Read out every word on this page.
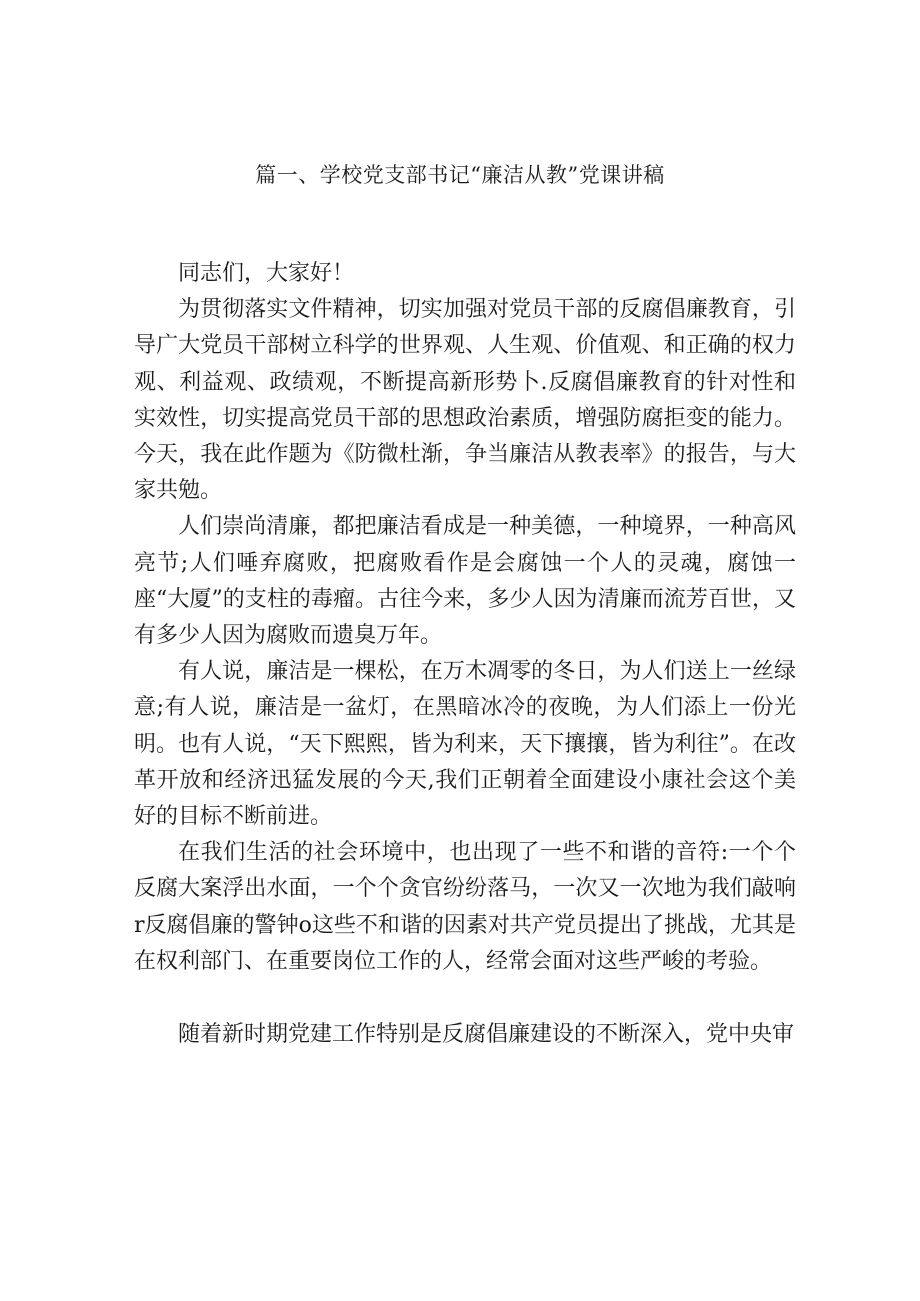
篇一、学校党支部书记“廉洁从教”党课讲稿

同志们，大家好！

为贯彻落实文件精神，切实加强对党员干部的反腐倡廉教育，引导广大党员干部树立科学的世界观、人生观、价值观、和正确的权力观、利益观、政绩观，不断提高新形势卜.反腐倡廉教育的针对性和实效性，切实提高党员干部的思想政治素质，增强防腐拒变的能力。今天，我在此作题为《防微杜渐，争当廉洁从教表率》的报告，与大家共勉。

人们崇尚清廉，都把廉洁看成是一种美德，一种境界，一种高风亮节;人们唾弃腐败，把腐败看作是会腐蚀一个人的灵魂，腐蚀一座“大厦”的支柱的毒瘤。古往今来，多少人因为清廉而流芳百世，又有多少人因为腐败而遗臭万年。

有人说，廉洁是一棵松，在万木凋零的冬日，为人们送上一丝绿意;有人说，廉洁是一盆灯，在黑暗冰冷的夜晚，为人们添上一份光明。也有人说，“天下熙熙，皆为利来，天下攘攘，皆为利往”。在改革开放和经济迅猛发展的今天,我们正朝着全面建设小康社会这个美好的目标不断前进。

在我们生活的社会环境中，也出现了一些不和谐的音符:一个个反腐大案浮出水面，一个个贪官纷纷落马，一次又一次地为我们敲响r反腐倡廉的警钟o这些不和谐的因素对共产党员提出了挑战，尤其是在权利部门、在重要岗位工作的人，经常会面对这些严峻的考验。

随着新时期党建工作特别是反腐倡廉建设的不断深入，党中央审
